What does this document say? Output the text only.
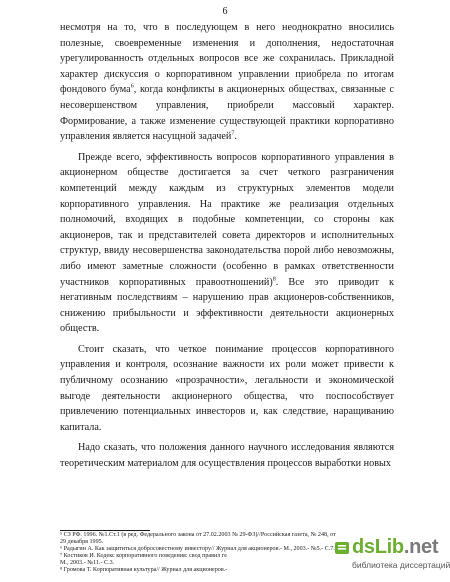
6

несмотря на то, что в последующем в него неоднократно вносились полезные, своевременные изменения и дополнения, недостаточная урегулированность отдельных вопросов все же сохранилась. Прикладной характер дискуссия о корпоративном управлении приобрела по итогам фондового бума$^6$, когда конфликты в акционерных обществах, связанные с несовершенством управления, приобрели массовый характер. Формирование, а также изменение существующей практики корпоративно управления является насущной задачей$^7$.

Прежде всего, эффективность вопросов корпоративного управления в акционерном обществе достигается за счет четкого разграничения компетенций между каждым из структурных элементов модели корпоративного управления. На практике же реализация отдельных полномочий, входящих в подобные компетенции, со стороны как акционеров, так и представителей совета директоров и исполнительных структур, ввиду несовершенства законодательства порой либо невозможны, либо имеют заметные сложности (особенно в рамках ответственности участников корпоративных правоотношений)$^8$. Все это приводит к негативным последствиям – нарушению прав акционеров-собственников, снижению прибыльности и эффективности деятельности акционерных обществ.

Стоит сказать, что четкое понимание процессов корпоративного управления и контроля, осознание важности их роли может привести к публичному осознанию «прозрачности», легальности и экономической выгоде деятельности акционерного общества, что поспособствует привлечению потенциальных инвесторов и, как следствие, наращиванию капитала.

Надо сказать, что положения данного научного исследования являются теоретическим материалом для осуществления процессов выработки новых

⁵ СЗ РФ. 1996. №1.Ст.1 (в ред. Федерального закона от 27.02.2003 № 29-ФЗ)//Российская газета, № 248, от 29 декабря 1995.

⁶ Радыгин А. Как защититься добросовестному инвестору// Журнал для акционеров.- М., 2003.- №5.- С.7.

⁷ Костиков И. Кодекс корпоративного поведения: свод правил ге

М., 2003.- №11.- С.3.

⁸ Громова Т. Корпоративная культура// Журнал для акционеров.-

dsLib.net
библиотека диссертаций
